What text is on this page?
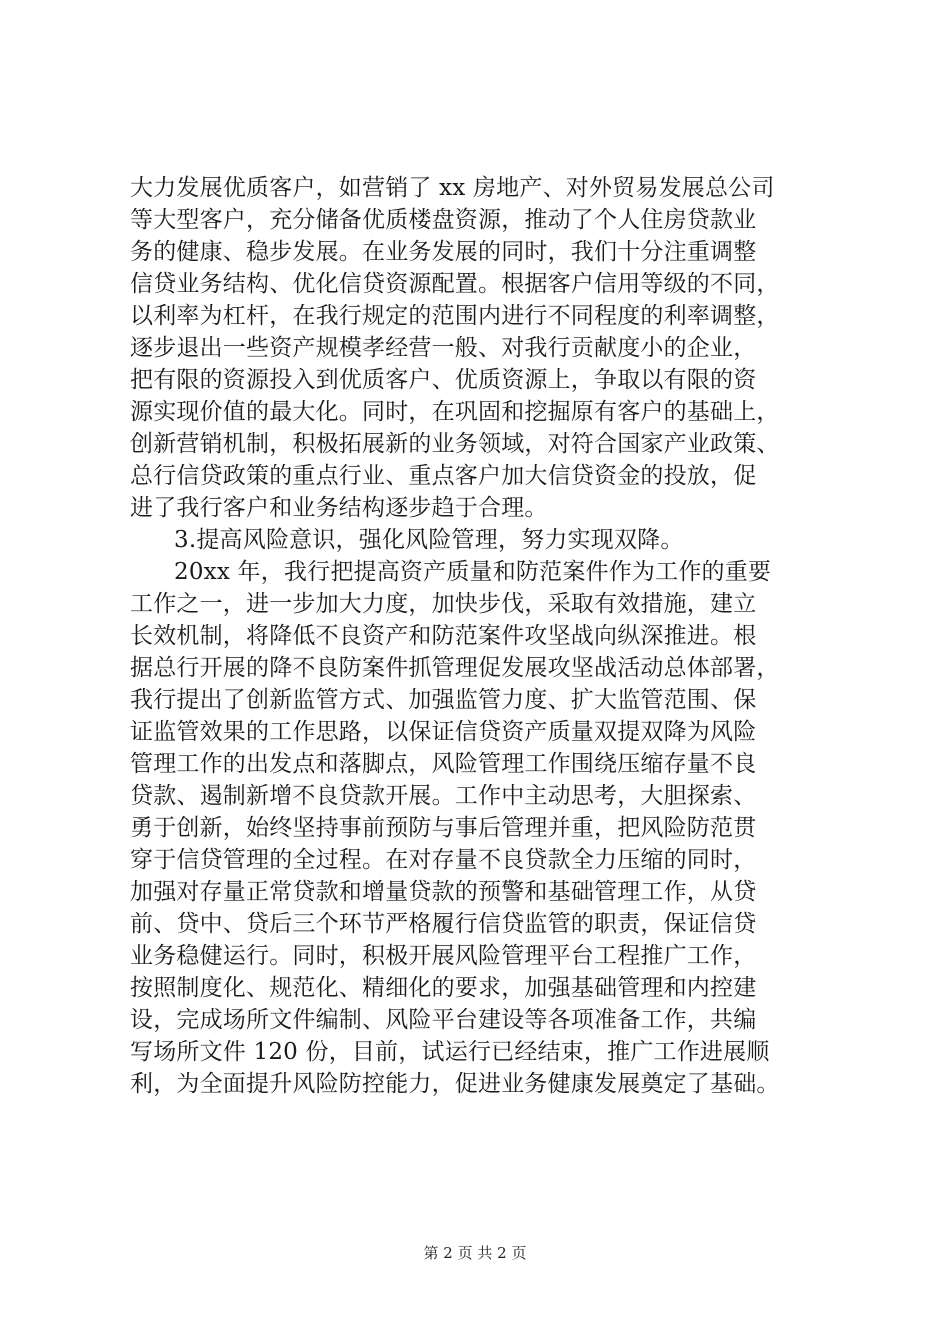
大力发展优质客户，如营销了 xx 房地产、对外贸易发展总公司
等大型客户，充分储备优质楼盘资源，推动了个人住房贷款业
务的健康、稳步发展。在业务发展的同时，我们十分注重调整
信贷业务结构、优化信贷资源配置。根据客户信用等级的不同，
以利率为杠杆，在我行规定的范围内进行不同程度的利率调整，
逐步退出一些资产规模孝经营一般、对我行贡献度小的企业，
把有限的资源投入到优质客户、优质资源上，争取以有限的资
源实现价值的最大化。同时，在巩固和挖掘原有客户的基础上，
创新营销机制，积极拓展新的业务领域，对符合国家产业政策、
总行信贷政策的重点行业、重点客户加大信贷资金的投放，促
进了我行客户和业务结构逐步趋于合理。
3.提高风险意识，强化风险管理，努力实现双降。
20xx 年，我行把提高资产质量和防范案件作为工作的重要
工作之一，进一步加大力度，加快步伐，采取有效措施，建立
长效机制，将降低不良资产和防范案件攻坚战向纵深推进。根
据总行开展的降不良防案件抓管理促发展攻坚战活动总体部署，
我行提出了创新监管方式、加强监管力度、扩大监管范围、保
证监管效果的工作思路，以保证信贷资产质量双提双降为风险
管理工作的出发点和落脚点，风险管理工作围绕压缩存量不良
贷款、遏制新增不良贷款开展。工作中主动思考，大胆探索、
勇于创新，始终坚持事前预防与事后管理并重，把风险防范贯
穿于信贷管理的全过程。在对存量不良贷款全力压缩的同时，
加强对存量正常贷款和增量贷款的预警和基础管理工作，从贷
前、贷中、贷后三个环节严格履行信贷监管的职责，保证信贷
业务稳健运行。同时，积极开展风险管理平台工程推广工作，
按照制度化、规范化、精细化的要求，加强基础管理和内控建
设，完成场所文件编制、风险平台建设等各项准备工作，共编
写场所文件 120 份，目前，试运行已经结束，推广工作进展顺
利，为全面提升风险防控能力，促进业务健康发展奠定了基础。
第 2 页 共 2 页
